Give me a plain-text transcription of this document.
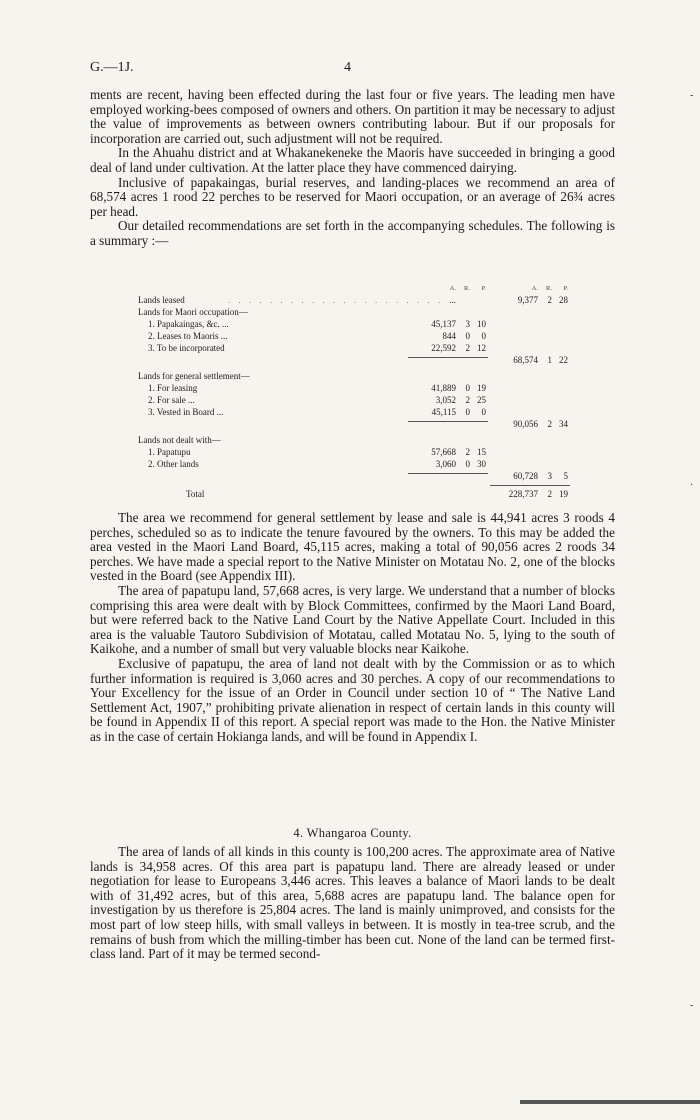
G.—1J.	4

ments are recent, having been effected during the last four or five years. The leading men have employed working-bees composed of owners and others. On partition it may be necessary to adjust the value of improvements as between owners contributing labour. But if our proposals for incorporation are carried out, such adjustment will not be required.

In the Ahuahu district and at Whakanekeneke the Maoris have succeeded in bringing a good deal of land under cultivation. At the latter place they have commenced dairying.

Inclusive of papakaingas, burial reserves, and landing-places we recommend an area of 68,574 acres 1 rood 22 perches to be reserved for Maori occupation, or an average of 26¾ acres per head.

Our detailed recommendations are set forth in the accompanying schedules. The following is a summary :—

A.	R.	P.	A.	R.	P.
Lands leased	. . . . . . . . . . . . . . . . . . . . . ...	9,377	2 28
Lands for Maori occupation—
1. Papakaingas, &c. ...	45,137	3 10
2. Leases to Maoris ...	844	0	0
3. To be incorporated	22,592	2 12
68,574	1 22
Lands for general settlement—
1. For leasing	41,889	0 19
2. For sale ...	3,052	2 25
3. Vested in Board ...	45,115	0	0
90,056	2 34
Lands not dealt with—
1. Papatupu	57,668	2 15
2. Other lands	3,060	0 30
60,728	3	5
Total	228,737	2 19

The area we recommend for general settlement by lease and sale is 44,941 acres 3 roods 4 perches, scheduled so as to indicate the tenure favoured by the owners. To this may be added the area vested in the Maori Land Board, 45,115 acres, making a total of 90,056 acres 2 roods 34 perches. We have made a special report to the Native Minister on Motatau No. 2, one of the blocks vested in the Board (see Appendix III).

The area of papatupu land, 57,668 acres, is very large. We understand that a number of blocks comprising this area were dealt with by Block Committees, confirmed by the Maori Land Board, but were referred back to the Native Land Court by the Native Appellate Court. Included in this area is the valuable Tautoro Subdivision of Motatau, called Motatau No. 5, lying to the south of Kaikohe, and a number of small but very valuable blocks near Kaikohe.

Exclusive of papatupu, the area of land not dealt with by the Commission or as to which further information is required is 3,060 acres and 30 perches. A copy of our recommendations to Your Excellency for the issue of an Order in Council under section 10 of “ The Native Land Settlement Act, 1907,” prohibiting private alienation in respect of certain lands in this county will be found in Appendix II of this report. A special report was made to the Hon. the Native Minister as in the case of certain Hokianga lands, and will be found in Appendix I.

4. Whangaroa County.

The area of lands of all kinds in this county is 100,200 acres. The approximate area of Native lands is 34,958 acres. Of this area part is papatupu land. There are already leased or under negotiation for lease to Europeans 3,446 acres. This leaves a balance of Maori lands to be dealt with of 31,492 acres, but of this area, 5,688 acres are papatupu land. The balance open for investigation by us therefore is 25,804 acres. The land is mainly unimproved, and consists for the most part of low steep hills, with small valleys in between. It is mostly in tea-tree scrub, and the remains of bush from which the milling-timber has been cut. None of the land can be termed first-class land. Part of it may be termed second-

-
·
-
